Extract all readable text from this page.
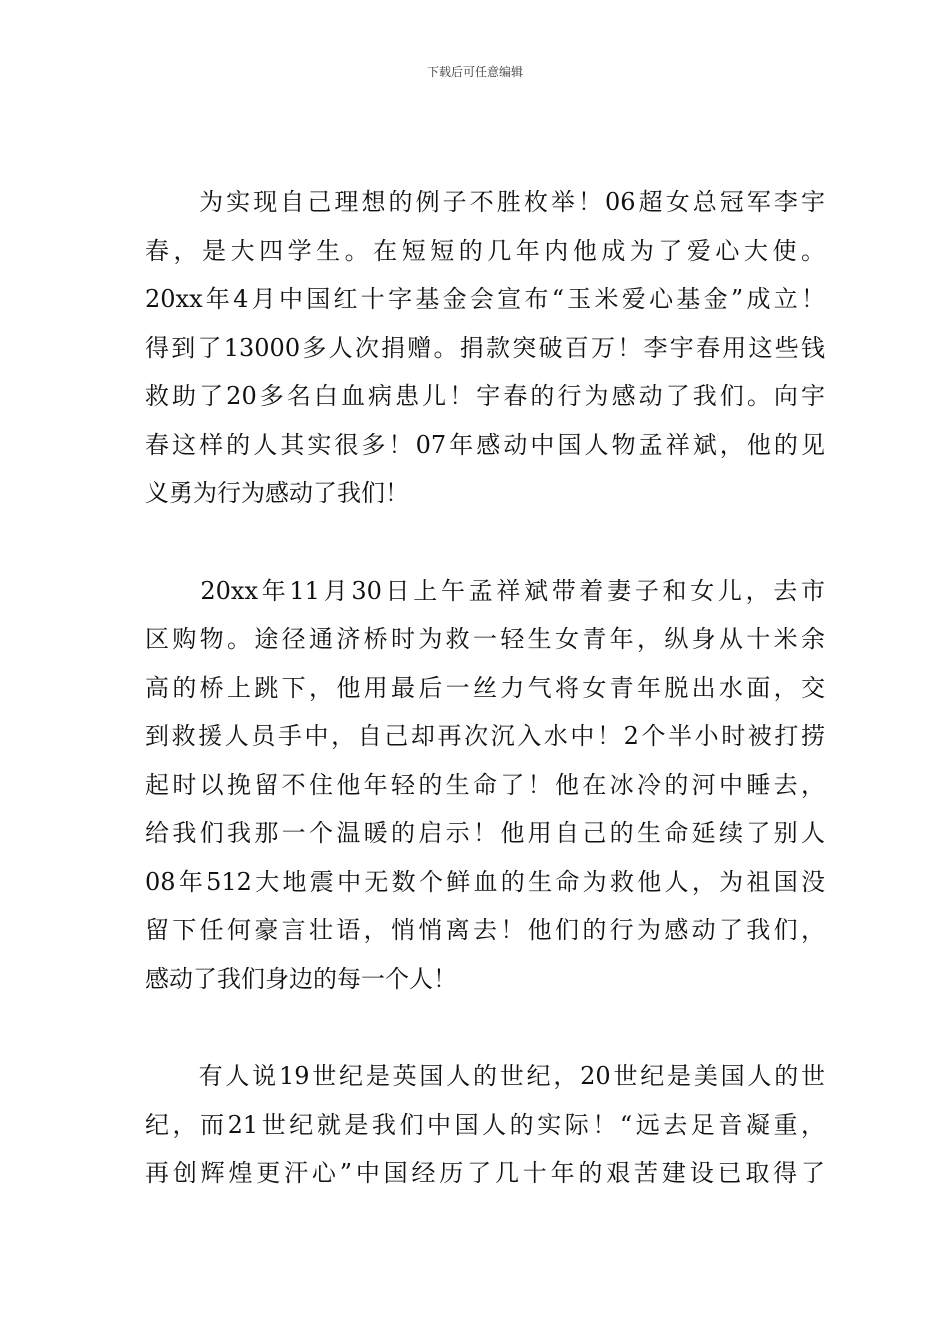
下载后可任意编辑

　　为实现自己理想的例子不胜枚举！06超女总冠军李宇
春，是大四学生。在短短的几年内他成为了爱心大使。
20xx年4月中国红十字基金会宣布“玉米爱心基金”成立！
得到了13000多人次捐赠。捐款突破百万！李宇春用这些钱
救助了20多名白血病患儿！宇春的行为感动了我们。向宇
春这样的人其实很多！07年感动中国人物孟祥斌，他的见
义勇为行为感动了我们！

　　20xx年11月30日上午孟祥斌带着妻子和女儿，去市
区购物。途径通济桥时为救一轻生女青年，纵身从十米余
高的桥上跳下，他用最后一丝力气将女青年脱出水面，交
到救援人员手中，自己却再次沉入水中！2个半小时被打捞
起时以挽留不住他年轻的生命了！他在冰冷的河中睡去，
给我们我那一个温暖的启示！他用自己的生命延续了别人
08年512大地震中无数个鲜血的生命为救他人，为祖国没
留下任何豪言壮语，悄悄离去！他们的行为感动了我们，
感动了我们身边的每一个人！

　　有人说19世纪是英国人的世纪，20世纪是美国人的世
纪，而21世纪就是我们中国人的实际！“远去足音凝重，
再创辉煌更汗心”中国经历了几十年的艰苦建设已取得了
